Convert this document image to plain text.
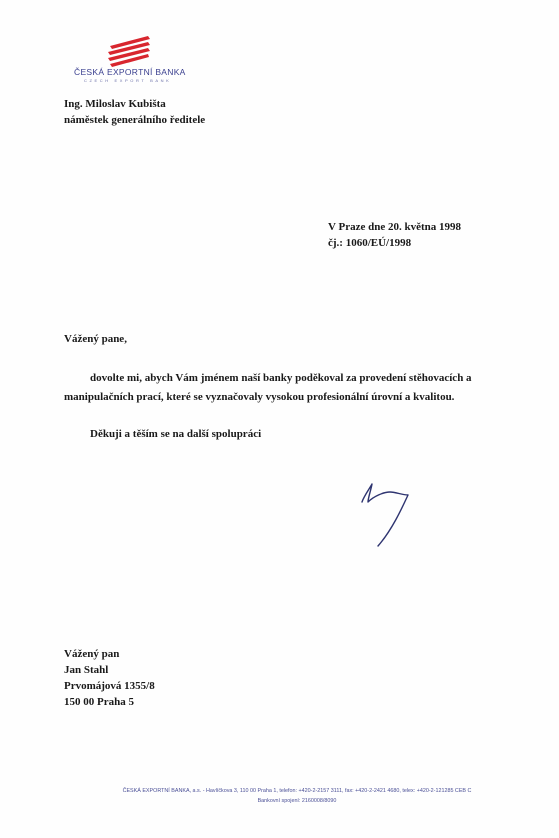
ČESKÁ EXPORTNÍ BANKA
CZECH EXPORT BANK
Ing. Miloslav Kubišta
náměstek generálního ředitele
V Praze dne 20. května 1998
čj.: 1060/EÚ/1998
Vážený pane,
dovolte mi, abych Vám jménem naší banky poděkoval za provedení stěhovacích a
manipulačních prací, které se vyznačovaly vysokou profesionální úrovní a kvalitou.
Děkuji a těším se na další spolupráci
Vážený pan
Jan Stahl
Prvomájová 1355/8
150 00 Praha 5
ČESKÁ EXPORTNÍ BANKA, a.s. - Havlíčkova 3, 110 00 Praha 1, telefon: +420-2-2157 3111, fax: +420-2-2421 4680, telex: +420-2-121285 CEB C
Bankovní spojení: 2160008/8090
